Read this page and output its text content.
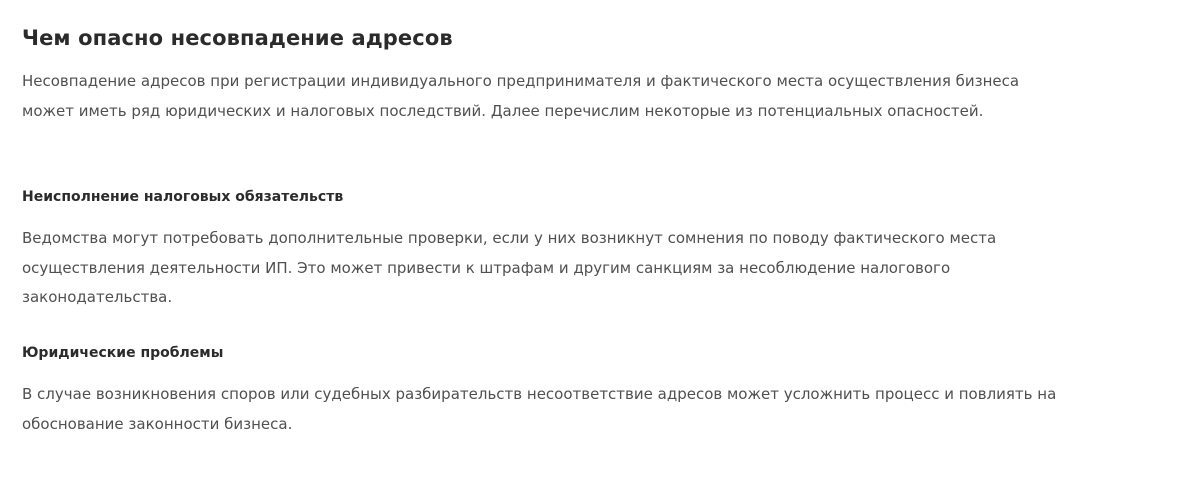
Чем опасно несовпадение адресов

Несовпадение адресов при регистрации индивидуального предпринимателя и фактического места осуществления бизнеса может иметь ряд юридических и налоговых последствий. Далее перечислим некоторые из потенциальных опасностей.

Неисполнение налоговых обязательств

Ведомства могут потребовать дополнительные проверки, если у них возникнут сомнения по поводу фактического места осуществления деятельности ИП. Это может привести к штрафам и другим санкциям за несоблюдение налогового законодательства.

Юридические проблемы

В случае возникновения споров или судебных разбирательств несоответствие адресов может усложнить процесс и повлиять на обоснование законности бизнеса.
